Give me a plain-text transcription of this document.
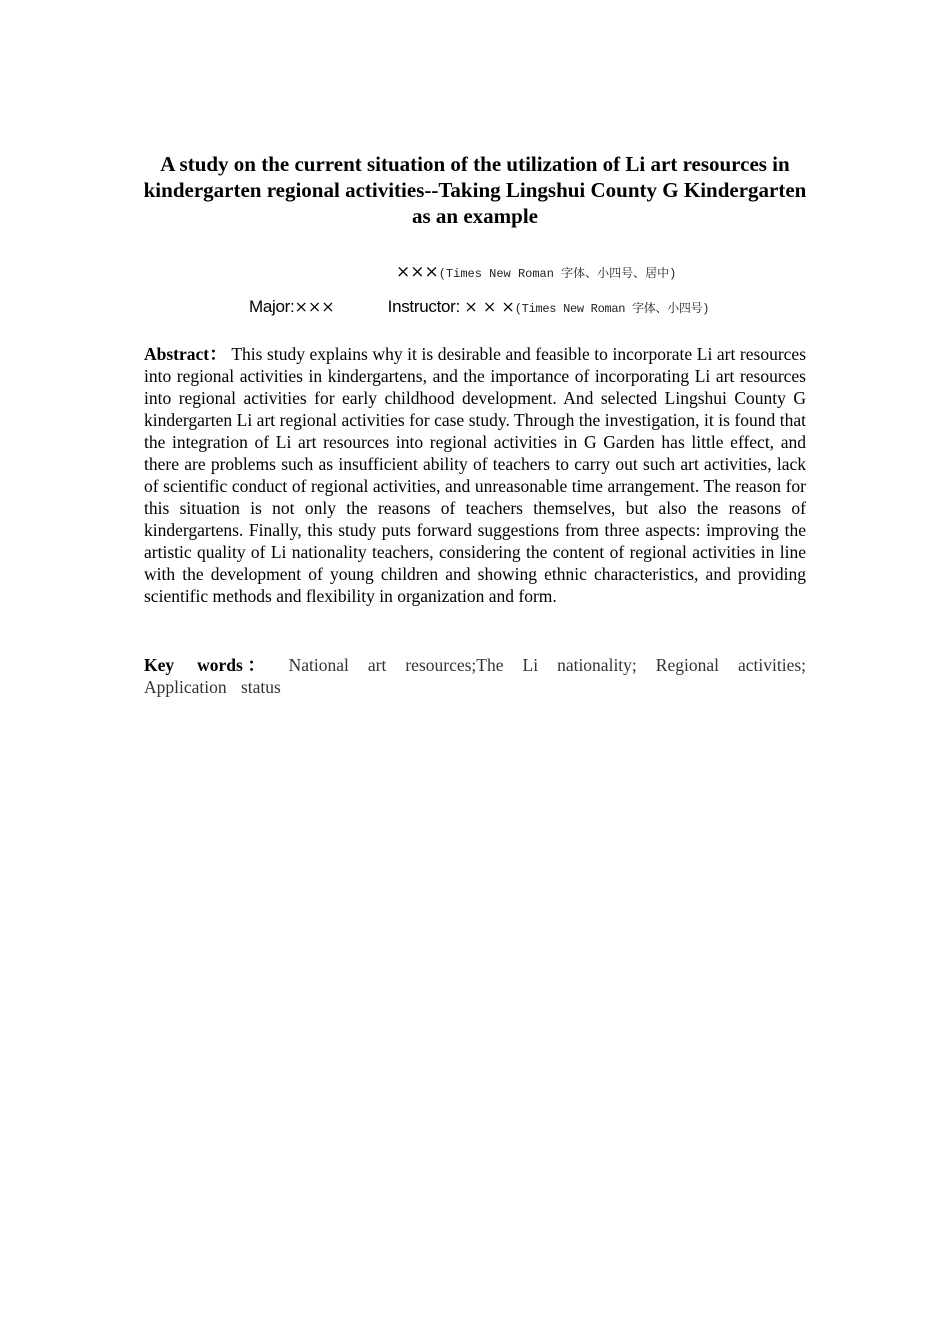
A study on the current situation of the utilization of Li art resources in kindergarten regional activities--Taking Lingshui County G Kindergarten as an example
×××(Times New Roman 字体、小四号、居中)
Major:×××	Instructor: × × ×(Times New Roman 字体、小四号)

Abstract： This study explains why it is desirable and feasible to incorporate Li art resources into regional activities in kindergartens, and the importance of incorporating Li art resources into regional activities for early childhood development. And selected Lingshui County G kindergarten Li art regional activities for case study. Through the investigation, it is found that the integration of Li art resources into regional activities in G Garden has little effect, and there are problems such as insufficient ability of teachers to carry out such art activities, lack of scientific conduct of regional activities, and unreasonable time arrangement. The reason for this situation is not only the reasons of teachers themselves, but also the reasons of kindergartens. Finally, this study puts forward suggestions from three aspects: improving the artistic quality of Li nationality teachers, considering the content of regional activities in line with the development of young children and showing ethnic characteristics, and providing scientific methods and flexibility in organization and form.

Key words： National art resources;The Li nationality; Regional activities; Application status
